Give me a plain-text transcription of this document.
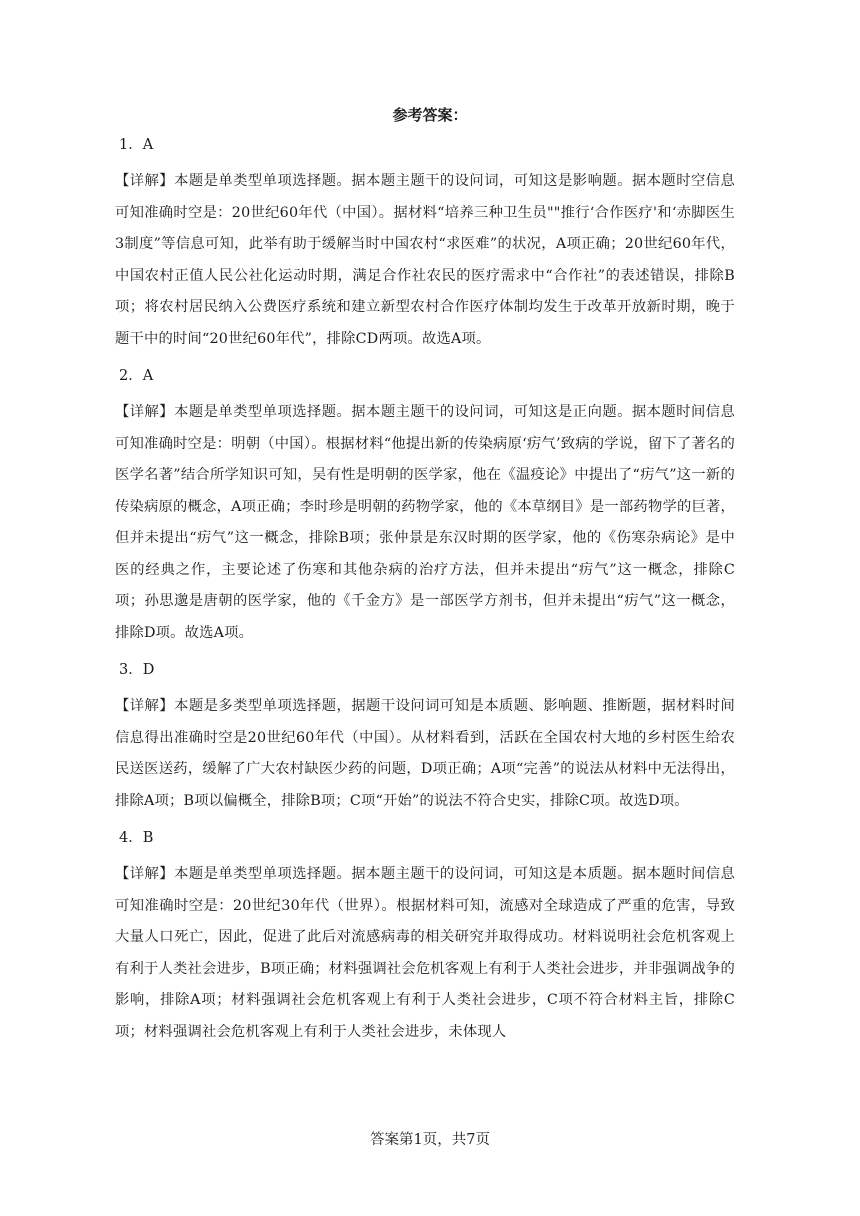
参考答案：
1．A
【详解】本题是单类型单项选择题。据本题主题干的设问词，可知这是影响题。据本题时空信息可知准确时空是：20世纪60年代（中国）。据材料“培养三种卫生员""推行‘合作医疗'和‘赤脚医生3制度”等信息可知，此举有助于缓解当时中国农村“求医难”的状况，A项正确；20世纪60年代，中国农村正值人民公社化运动时期，满足合作社农民的医疗需求中“合作社”的表述错误，排除B项；将农村居民纳入公费医疗系统和建立新型农村合作医疗体制均发生于改革开放新时期，晚于题干中的时间“20世纪60年代”，排除CD两项。故选A项。
2．A
【详解】本题是单类型单项选择题。据本题主题干的设问词，可知这是正向题。据本题时间信息可知准确时空是：明朝（中国）。根据材料“他提出新的传染病原‘疠气’致病的学说，留下了著名的医学名著”结合所学知识可知，吴有性是明朝的医学家，他在《温疫论》中提出了“疠气”这一新的传染病原的概念，A项正确；李时珍是明朝的药物学家，他的《本草纲目》是一部药物学的巨著，但并未提出“疠气”这一概念，排除B项；张仲景是东汉时期的医学家，他的《伤寒杂病论》是中医的经典之作，主要论述了伤寒和其他杂病的治疗方法，但并未提出“疠气”这一概念，排除C项；孙思邈是唐朝的医学家，他的《千金方》是一部医学方剂书，但并未提出“疠气”这一概念，排除D项。故选A项。
3．D
【详解】本题是多类型单项选择题，据题干设问词可知是本质题、影响题、推断题，据材料时间信息得出准确时空是20世纪60年代（中国）。从材料看到，活跃在全国农村大地的乡村医生给农民送医送药，缓解了广大农村缺医少药的问题，D项正确；A项“完善”的说法从材料中无法得出，排除A项；B项以偏概全，排除B项；C项“开始”的说法不符合史实，排除C项。故选D项。
4．B
【详解】本题是单类型单项选择题。据本题主题干的设问词，可知这是本质题。据本题时间信息可知准确时空是：20世纪30年代（世界）。根据材料可知，流感对全球造成了严重的危害，导致大量人口死亡，因此，促进了此后对流感病毒的相关研究并取得成功。材料说明社会危机客观上有利于人类社会进步，B项正确；材料强调社会危机客观上有利于人类社会进步，并非强调战争的影响，排除A项；材料强调社会危机客观上有利于人类社会进步，C项不符合材料主旨，排除C项；材料强调社会危机客观上有利于人类社会进步，未体现人
答案第1页，共7页
